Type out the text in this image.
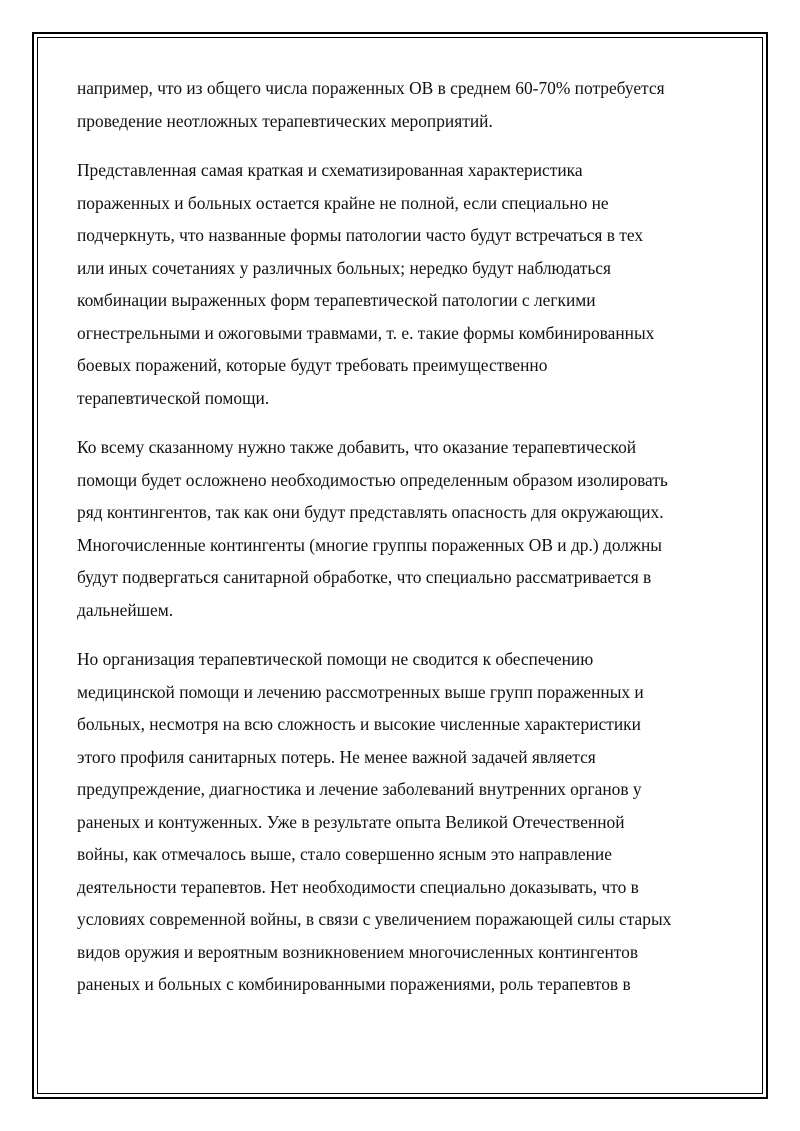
например, что из общего числа пораженных ОВ в среднем 60-70% потребуется
проведение неотложных терапевтических мероприятий.

Представленная самая краткая и схематизированная характеристика
пораженных и больных остается крайне не полной, если специально не
подчеркнуть, что названные формы патологии часто будут встречаться в тех
или иных сочетаниях у различных больных; нередко будут наблюдаться
комбинации выраженных форм терапевтической патологии с легкими
огнестрельными и ожоговыми травмами, т. е. такие формы комбинированных
боевых поражений, которые будут требовать преимущественно
терапевтической помощи.

Ко всему сказанному нужно также добавить, что оказание терапевтической
помощи будет осложнено необходимостью определенным образом изолировать
ряд контингентов, так как они будут представлять опасность для окружающих.
Многочисленные контингенты (многие группы пораженных ОВ и др.) должны
будут подвергаться санитарной обработке, что специально рассматривается в
дальнейшем.

Но организация терапевтической помощи не сводится к обеспечению
медицинской помощи и лечению рассмотренных выше групп пораженных и
больных, несмотря на всю сложность и высокие численные характеристики
этого профиля санитарных потерь. Не менее важной задачей является
предупреждение, диагностика и лечение заболеваний внутренних органов у
раненых и контуженных. Уже в результате опыта Великой Отечественной
войны, как отмечалось выше, стало совершенно ясным это направление
деятельности терапевтов. Нет необходимости специально доказывать, что в
условиях современной войны, в связи с увеличением поражающей силы старых
видов оружия и вероятным возникновением многочисленных контингентов
раненых и больных с комбинированными поражениями, роль терапевтов в
